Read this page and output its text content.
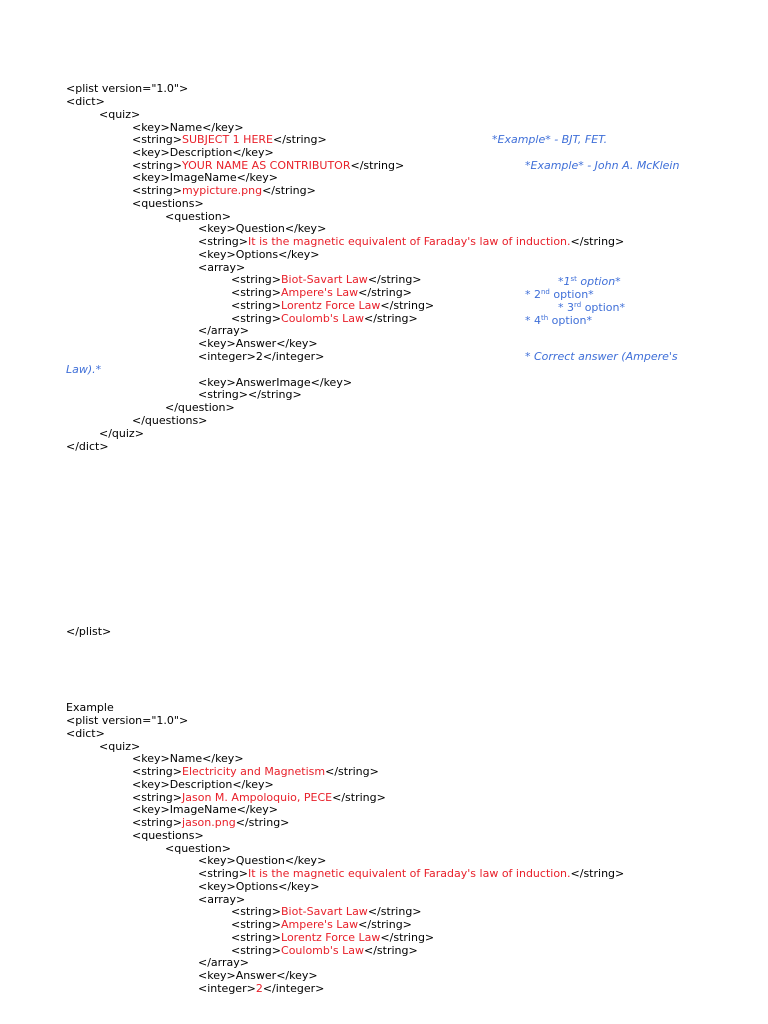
<plist version="1.0">
<dict>
<quiz>
<key>Name</key>
<string>SUBJECT 1 HERE</string>
<key>Description</key>
<string>YOUR NAME AS CONTRIBUTOR</string>
<key>ImageName</key>
<string>mypicture.png</string>
<questions>
<question>
<key>Question</key>
<string>It is the magnetic equivalent of Faraday's law of induction.</string>
<key>Options</key>
<array>
<string>Biot-Savart Law</string>
<string>Ampere's Law</string>
<string>Lorentz Force Law</string>
<string>Coulomb's Law</string>
</array>
<key>Answer</key>
<integer>2</integer>
<key>AnswerImage</key>
<string></string>
</question>
</questions>
</quiz>
</dict>
*Example* - BJT, FET.
*Example* - John A. McKlein
*1st option*
* 2nd option*
* 3rd option*
* 4th option*
* Correct answer (Ampere's
Law).*
</plist>
Example
<plist version="1.0">
<dict>
<quiz>
<key>Name</key>
<string>Electricity and Magnetism</string>
<key>Description</key>
<string>Jason M. Ampoloquio, PECE</string>
<key>ImageName</key>
<string>jason.png</string>
<questions>
<question>
<key>Question</key>
<string>It is the magnetic equivalent of Faraday's law of induction.</string>
<key>Options</key>
<array>
<string>Biot-Savart Law</string>
<string>Ampere's Law</string>
<string>Lorentz Force Law</string>
<string>Coulomb's Law</string>
</array>
<key>Answer</key>
<integer>2</integer>
